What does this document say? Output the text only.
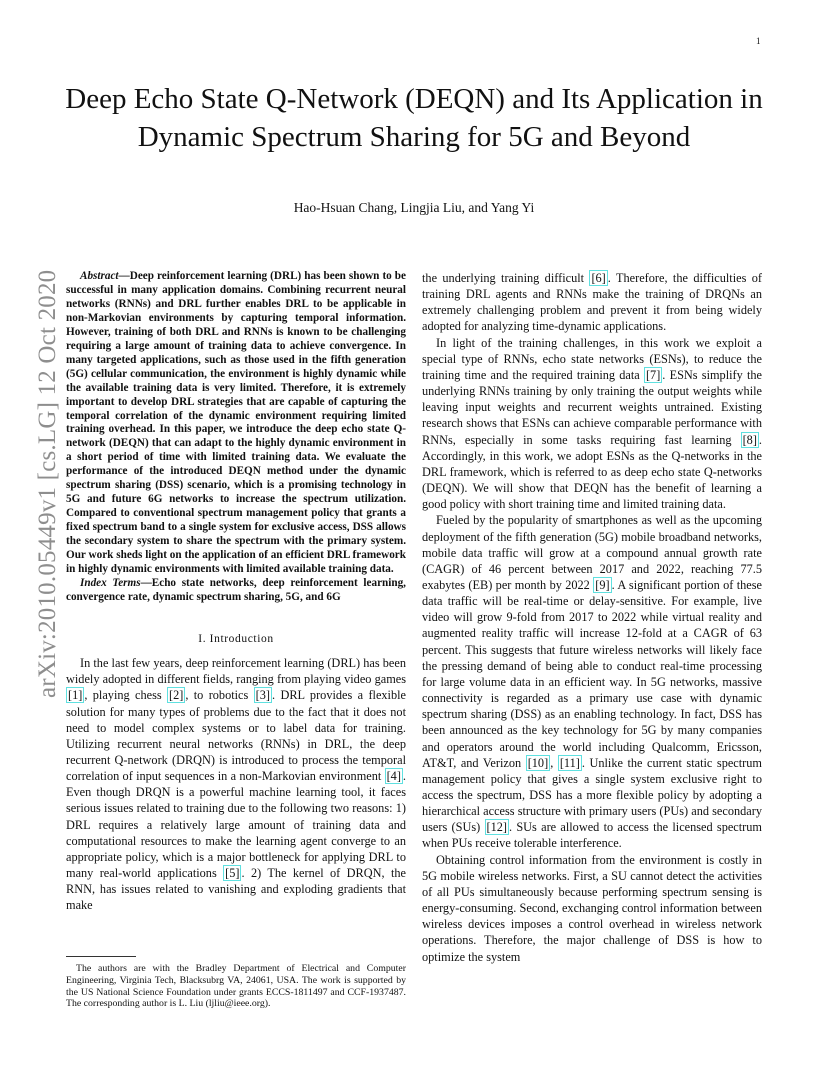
1
arXiv:2010.05449v1 [cs.LG] 12 Oct 2020
Deep Echo State Q-Network (DEQN) and Its Application in Dynamic Spectrum Sharing for 5G and Beyond
Hao-Hsuan Chang, Lingjia Liu, and Yang Yi

Abstract—Deep reinforcement learning (DRL) has been shown to be successful in many application domains. Combining recurrent neural networks (RNNs) and DRL further enables DRL to be applicable in non-Markovian environments by capturing temporal information. However, training of both DRL and RNNs is known to be challenging requiring a large amount of training data to achieve convergence. In many targeted applications, such as those used in the fifth generation (5G) cellular communication, the environment is highly dynamic while the available training data is very limited. Therefore, it is extremely important to develop DRL strategies that are capable of capturing the temporal correlation of the dynamic environment requiring limited training overhead. In this paper, we introduce the deep echo state Q-network (DEQN) that can adapt to the highly dynamic environment in a short period of time with limited training data. We evaluate the performance of the introduced DEQN method under the dynamic spectrum sharing (DSS) scenario, which is a promising technology in 5G and future 6G networks to increase the spectrum utilization. Compared to conventional spectrum management policy that grants a fixed spectrum band to a single system for exclusive access, DSS allows the secondary system to share the spectrum with the primary system. Our work sheds light on the application of an efficient DRL framework in highly dynamic environments with limited available training data.

Index Terms—Echo state networks, deep reinforcement learning, convergence rate, dynamic spectrum sharing, 5G, and 6G

I. Introduction

In the last few years, deep reinforcement learning (DRL) has been widely adopted in different fields, ranging from playing video games [1] , playing chess [2] , to robotics [3] . DRL provides a flexible solution for many types of problems due to the fact that it does not need to model complex systems or to label data for training. Utilizing recurrent neural networks (RNNs) in DRL, the deep recurrent Q-network (DRQN) is introduced to process the temporal correlation of input sequences in a non-Markovian environment [4] . Even though DRQN is a powerful machine learning tool, it faces serious issues related to training due to the following two reasons: 1) DRL requires a relatively large amount of training data and computational resources to make the learning agent converge to an appropriate policy, which is a major bottleneck for applying DRL to many real-world applications [5] . 2) The kernel of DRQN, the RNN, has issues related to vanishing and exploding gradients that make

The authors are with the Bradley Department of Electrical and Computer Engineering, Virginia Tech, Blacksubrg VA, 24061, USA. The work is supported by the US National Science Foundation under grants ECCS-1811497 and CCF-1937487. The corresponding author is L. Liu (ljliu@ieee.org).

the underlying training difficult [6] . Therefore, the difficulties of training DRL agents and RNNs make the training of DRQNs an extremely challenging problem and prevent it from being widely adopted for analyzing time-dynamic applications.

In light of the training challenges, in this work we exploit a special type of RNNs, echo state networks (ESNs), to reduce the training time and the required training data [7] . ESNs simplify the underlying RNNs training by only training the output weights while leaving input weights and recurrent weights untrained. Existing research shows that ESNs can achieve comparable performance with RNNs, especially in some tasks requiring fast learning [8] . Accordingly, in this work, we adopt ESNs as the Q-networks in the DRL framework, which is referred to as deep echo state Q-networks (DEQN). We will show that DEQN has the benefit of learning a good policy with short training time and limited training data.

Fueled by the popularity of smartphones as well as the upcoming deployment of the fifth generation (5G) mobile broadband networks, mobile data traffic will grow at a compound annual growth rate (CAGR) of 46 percent between 2017 and 2022, reaching 77.5 exabytes (EB) per month by 2022 [9] . A significant portion of these data traffic will be real-time or delay-sensitive. For example, live video will grow 9-fold from 2017 to 2022 while virtual reality and augmented reality traffic will increase 12-fold at a CAGR of 63 percent. This suggests that future wireless networks will likely face the pressing demand of being able to conduct real-time processing for large volume data in an efficient way. In 5G networks, massive connectivity is regarded as a primary use case with dynamic spectrum sharing (DSS) as an enabling technology. In fact, DSS has been announced as the key technology for 5G by many companies and operators around the world including Qualcomm, Ericsson, AT&T, and Verizon [10] , [11] . Unlike the current static spectrum management policy that gives a single system exclusive right to access the spectrum, DSS has a more flexible policy by adopting a hierarchical access structure with primary users (PUs) and secondary users (SUs) [12] . SUs are allowed to access the licensed spectrum when PUs receive tolerable interference.

Obtaining control information from the environment is costly in 5G mobile wireless networks. First, a SU cannot detect the activities of all PUs simultaneously because performing spectrum sensing is energy-consuming. Second, exchanging control information between wireless devices imposes a control overhead in wireless network operations. Therefore, the major challenge of DSS is how to optimize the system
